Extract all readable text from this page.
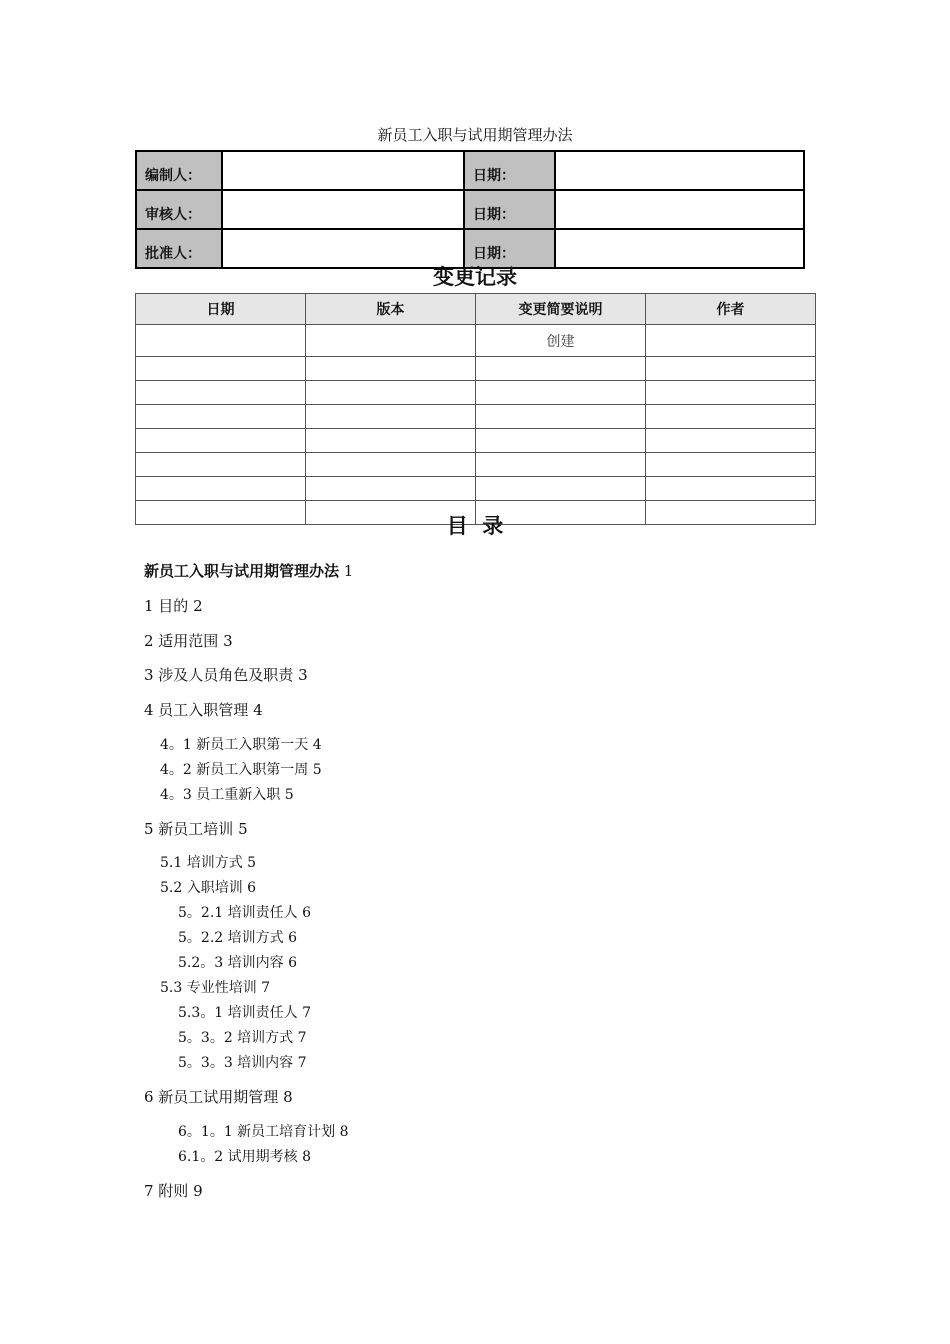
新员工入职与试用期管理办法
编制人：		日期：	
审核人：		日期：	
批准人：		日期：	
变更记录
日期	版本	变更简要说明	作者
		创建	

目  录
新员工入职与试用期管理办法 1
1 目的 2
2 适用范围 3
3 涉及人员角色及职责 3
4 员工入职管理 4
4。1 新员工入职第一天 4
4。2 新员工入职第一周 5
4。3 员工重新入职 5
5 新员工培训 5
5.1 培训方式 5
5.2 入职培训 6
5。2.1 培训责任人 6
5。2.2 培训方式 6
5.2。3 培训内容 6
5.3 专业性培训 7
5.3。1 培训责任人 7
5。3。2 培训方式 7
5。3。3 培训内容 7
6 新员工试用期管理 8
6。1。1 新员工培育计划 8
6.1。2 试用期考核 8
7 附则 9
